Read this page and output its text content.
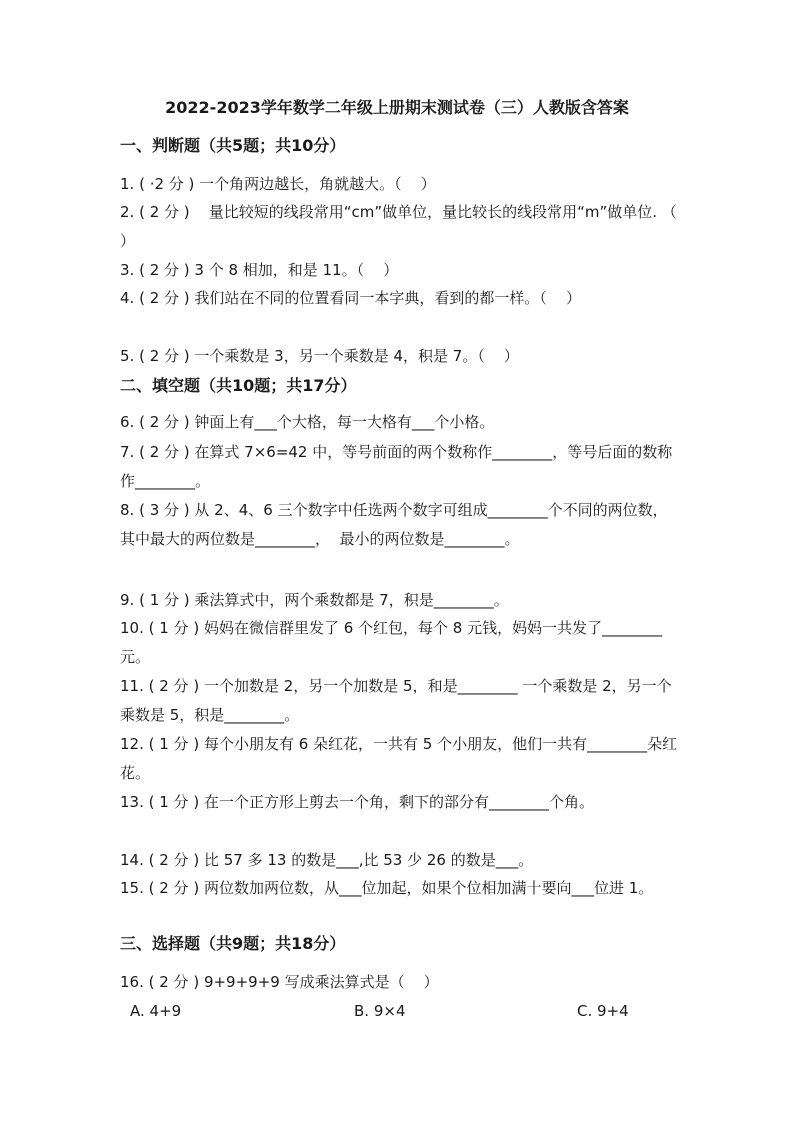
2022-2023学年数学二年级上册期末测试卷（三）人教版含答案
一、判断题（共5题；共10分）
1. ( ·2 分 ) 一个角两边越长，角就越大。（    ）
2. ( 2 分 )    量比较短的线段常用“cm”做单位，量比较长的线段常用“m”做单位. （    ）
3. ( 2 分 ) 3 个 8 相加，和是 11。（    ）
4. ( 2 分 ) 我们站在不同的位置看同一本字典，看到的都一样。（    ）
5. ( 2 分 ) 一个乘数是 3，另一个乘数是 4，积是 7。（    ）
二、填空题（共10题；共17分）
6. ( 2 分 ) 钟面上有___个大格，每一大格有___个小格。
7. ( 2 分 ) 在算式 7×6=42 中，等号前面的两个数称作________，等号后面的数称作________。
8. ( 3 分 ) 从 2、4、6 三个数字中任选两个数字可组成________个不同的两位数，其中最大的两位数是________，  最小的两位数是________。
9. ( 1 分 ) 乘法算式中，两个乘数都是 7，积是________。
10. ( 1 分 ) 妈妈在微信群里发了 6 个红包，每个 8 元钱，妈妈一共发了________元。
11. ( 2 分 ) 一个加数是 2，另一个加数是 5，和是________ 一个乘数是 2，另一个乘数是 5，积是________。
12. ( 1 分 ) 每个小朋友有 6 朵红花，一共有 5 个小朋友，他们一共有________朵红花。
13. ( 1 分 ) 在一个正方形上剪去一个角，剩下的部分有________个角。
14. ( 2 分 ) 比 57 多 13 的数是___,比 53 少 26 的数是___。
15. ( 2 分 ) 两位数加两位数，从___位加起，如果个位相加满十要向___位进 1。
三、选择题（共9题；共18分）
16. ( 2 分 ) 9+9+9+9 写成乘法算式是（    ）
A. 4+9	B. 9×4	C. 9+4
